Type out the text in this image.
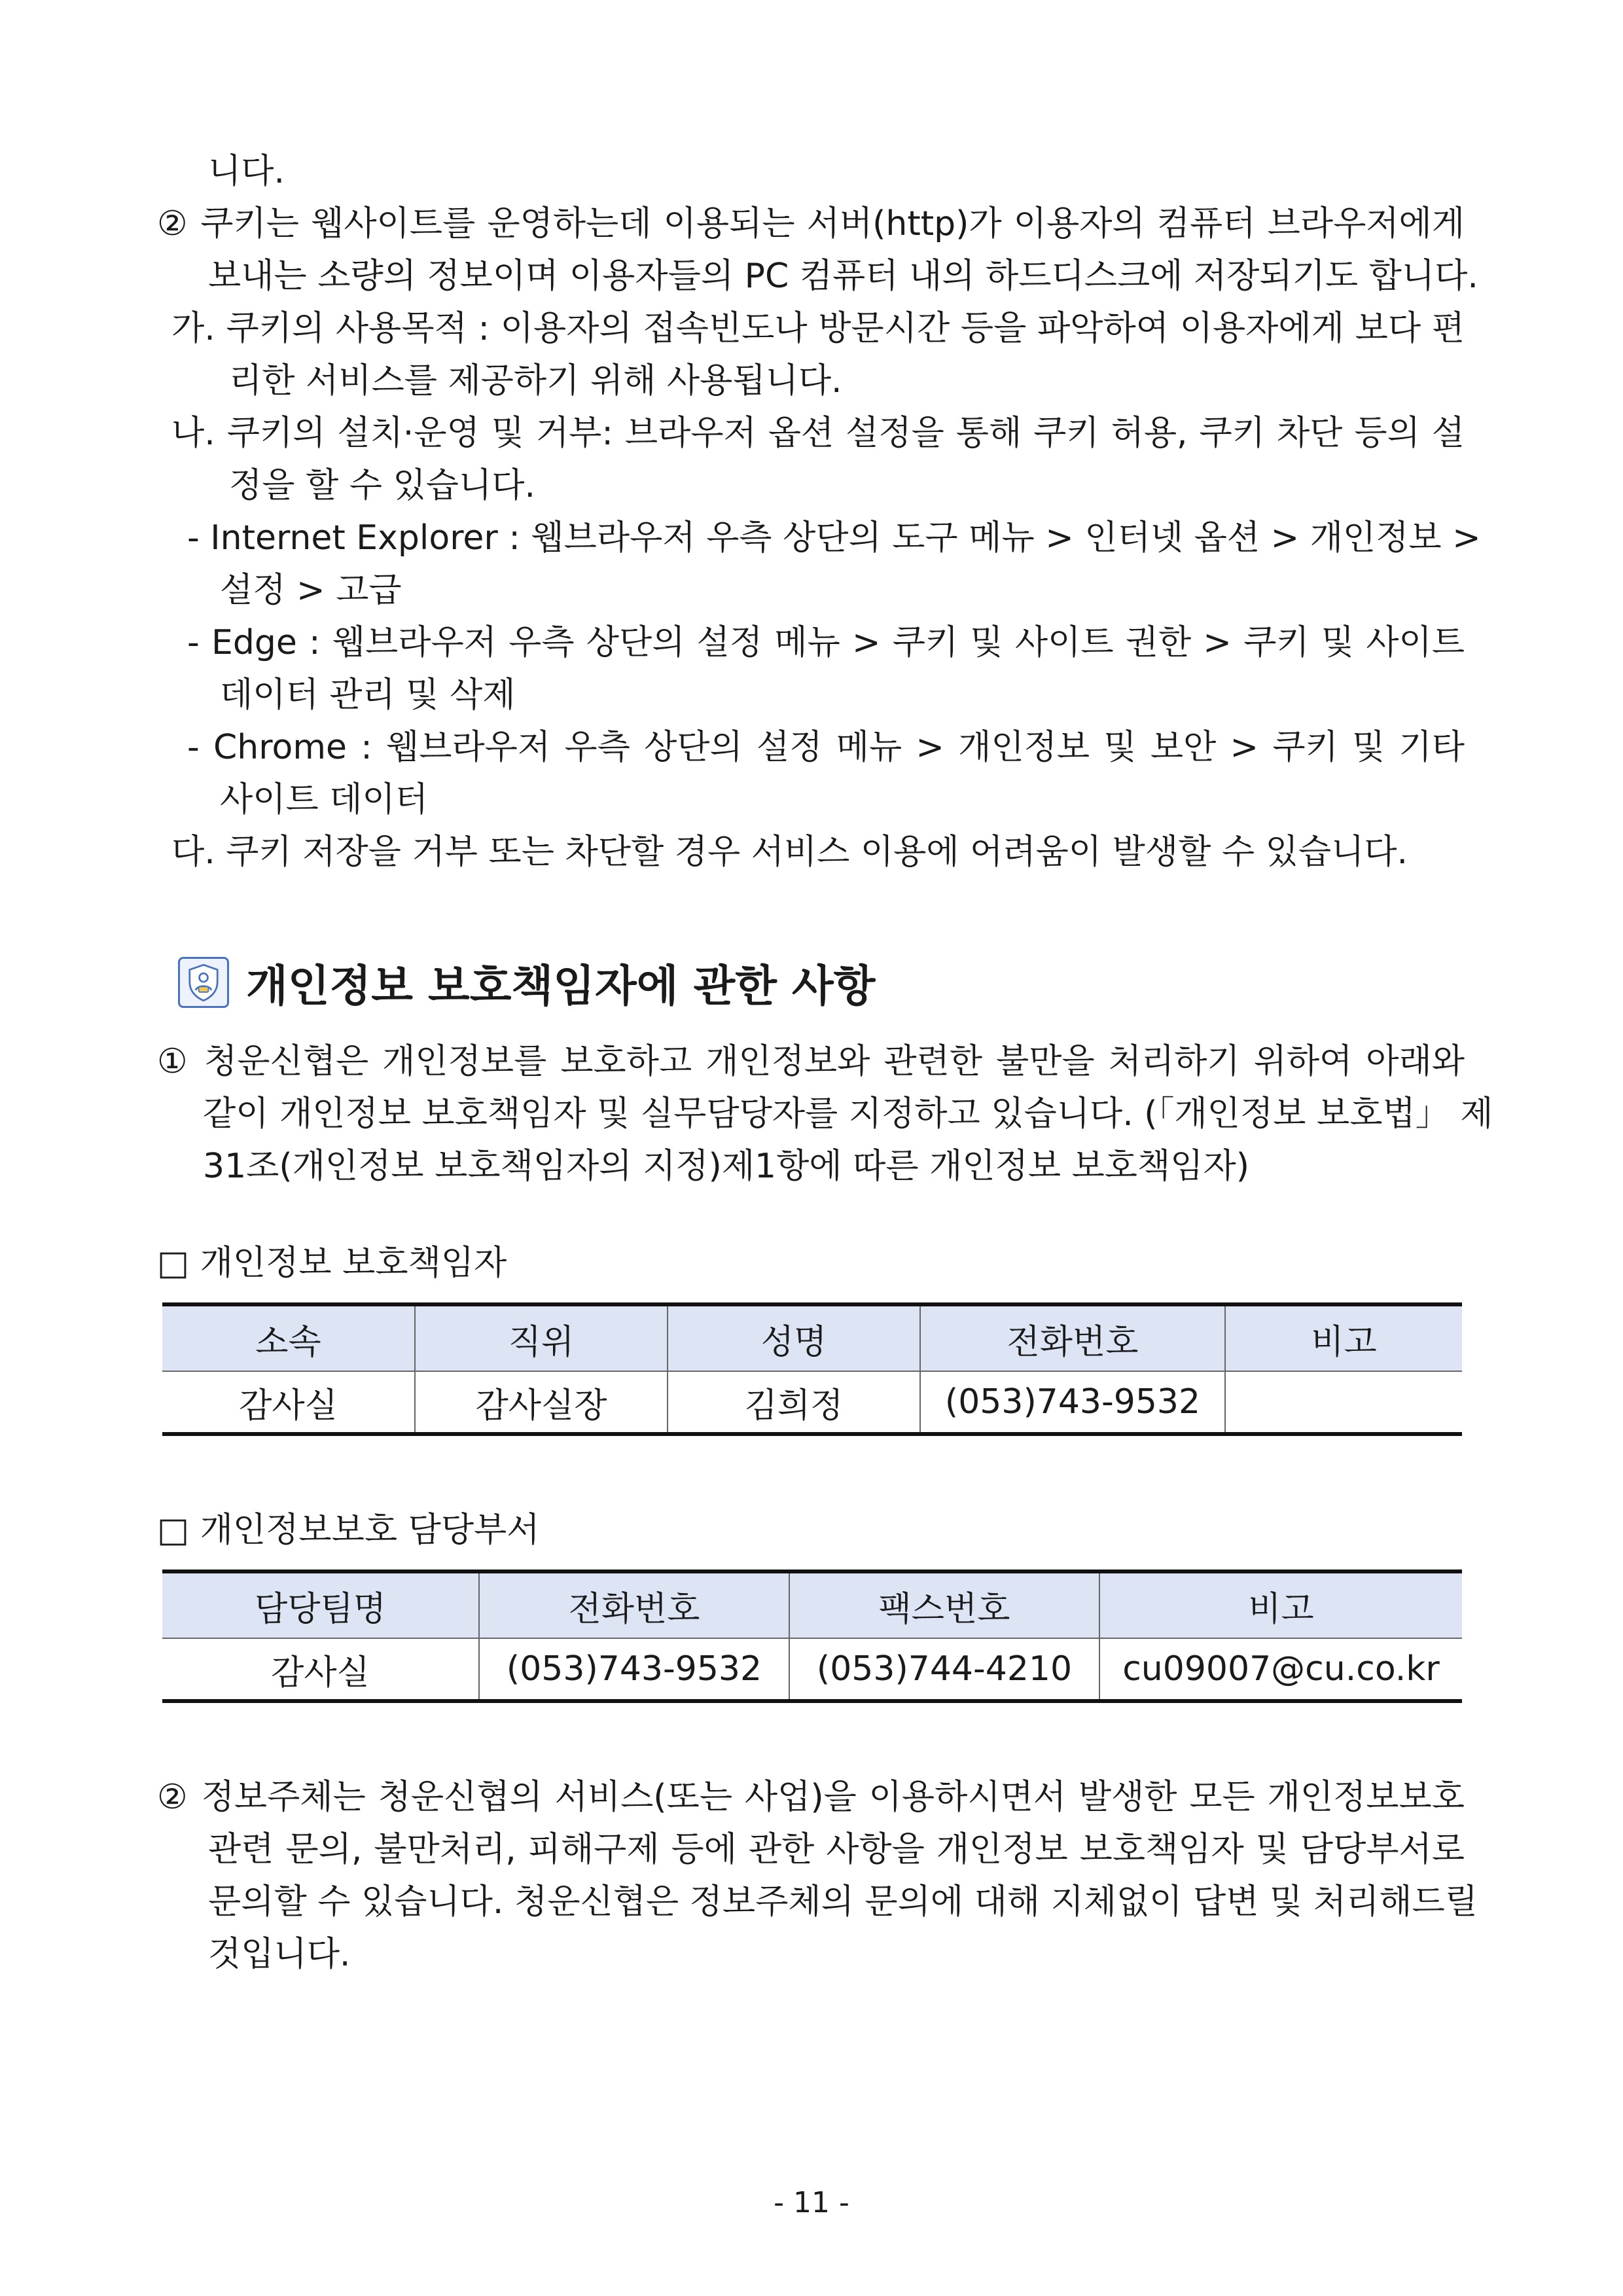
니다.
② 쿠키는 웹사이트를 운영하는데 이용되는 서버(http)가 이용자의 컴퓨터 브라우저에게
보내는 소량의 정보이며 이용자들의 PC 컴퓨터 내의 하드디스크에 저장되기도 합니다.
가. 쿠키의 사용목적 : 이용자의 접속빈도나 방문시간 등을 파악하여 이용자에게 보다 편
리한 서비스를 제공하기 위해 사용됩니다.
나. 쿠키의 설치·운영 및 거부: 브라우저 옵션 설정을 통해 쿠키 허용, 쿠키 차단 등의 설
정을 할 수 있습니다.
- Internet Explorer : 웹브라우저 우측 상단의 도구 메뉴 > 인터넷 옵션 > 개인정보 >
설정 > 고급
- Edge : 웹브라우저 우측 상단의 설정 메뉴 > 쿠키 및 사이트 권한 > 쿠키 및 사이트
데이터 관리 및 삭제
- Chrome : 웹브라우저 우측 상단의 설정 메뉴 > 개인정보 및 보안 > 쿠키 및 기타
사이트 데이터
다. 쿠키 저장을 거부 또는 차단할 경우 서비스 이용에 어려움이 발생할 수 있습니다.
개인정보 보호책임자에 관한 사항
① 청운신협은 개인정보를 보호하고 개인정보와 관련한 불만을 처리하기 위하여 아래와
같이 개인정보 보호책임자 및 실무담당자를 지정하고 있습니다. (「개인정보 보호법」 제
31조(개인정보 보호책임자의 지정)제1항에 따른 개인정보 보호책임자)
□ 개인정보 보호책임자
소속	직위	성명	전화번호	비고
감사실	감사실장	김희정	(053)743-9532	
□ 개인정보보호 담당부서
담당팀명	전화번호	팩스번호	비고
감사실	(053)743-9532	(053)744-4210	cu09007@cu.co.kr
② 정보주체는 청운신협의 서비스(또는 사업)을 이용하시면서 발생한 모든 개인정보보호
관련 문의, 불만처리, 피해구제 등에 관한 사항을 개인정보 보호책임자 및 담당부서로
문의할 수 있습니다. 청운신협은 정보주체의 문의에 대해 지체없이 답변 및 처리해드릴
것입니다.
- 11 -
